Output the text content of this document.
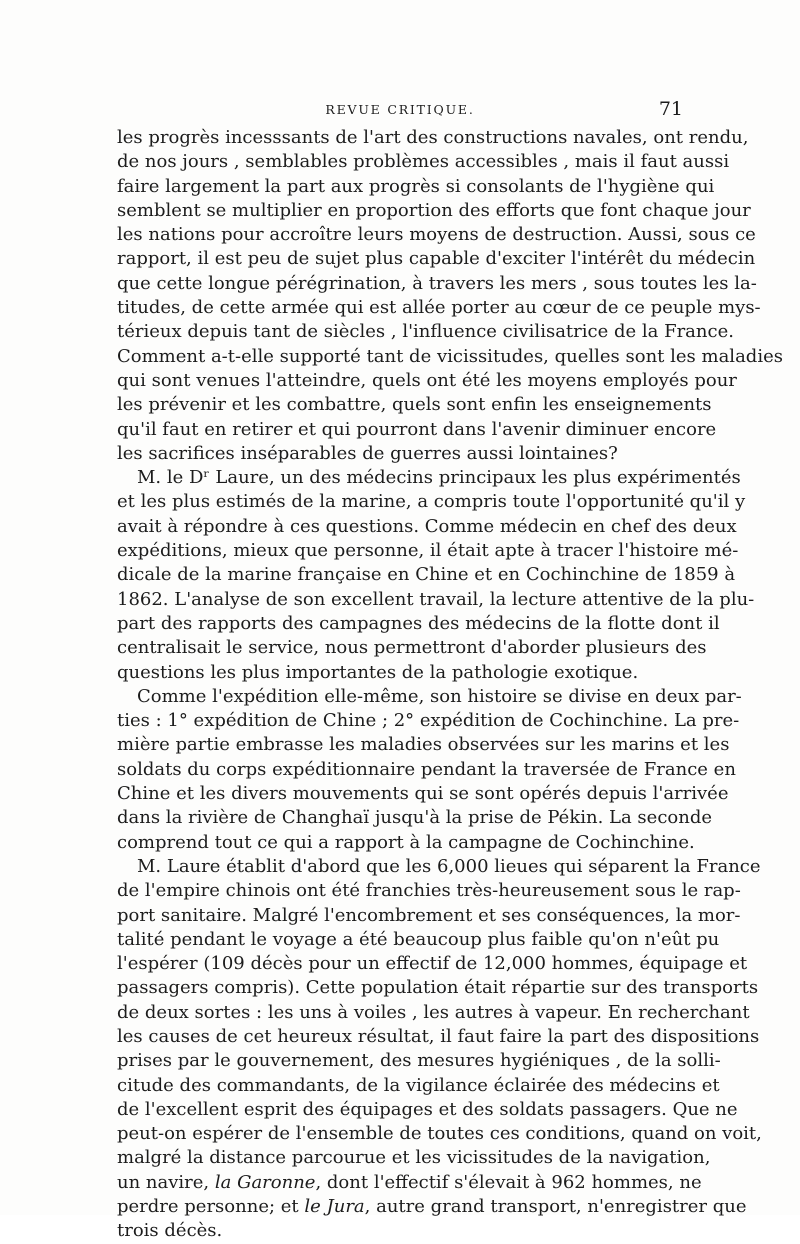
REVUE CRITIQUE.	71
les progrès incesssants de l'art des constructions navales, ont rendu,
de nos jours , semblables problèmes accessibles , mais il faut aussi
faire largement la part aux progrès si consolants de l'hygiène qui
semblent se multiplier en proportion des efforts que font chaque jour
les nations pour accroître leurs moyens de destruction. Aussi, sous ce
rapport, il est peu de sujet plus capable d'exciter l'intérêt du médecin
que cette longue pérégrination, à travers les mers , sous toutes les la-
titudes, de cette armée qui est allée porter au cœur de ce peuple mys-
térieux depuis tant de siècles , l'influence civilisatrice de la France.
Comment a-t-elle supporté tant de vicissitudes, quelles sont les maladies
qui sont venues l'atteindre, quels ont été les moyens employés pour
les prévenir et les combattre, quels sont enfin les enseignements
qu'il faut en retirer et qui pourront dans l'avenir diminuer encore
les sacrifices inséparables de guerres aussi lointaines?
M. le Dʳ Laure, un des médecins principaux les plus expérimentés
et les plus estimés de la marine, a compris toute l'opportunité qu'il y
avait à répondre à ces questions. Comme médecin en chef des deux
expéditions, mieux que personne, il était apte à tracer l'histoire mé-
dicale de la marine française en Chine et en Cochinchine de 1859 à
1862. L'analyse de son excellent travail, la lecture attentive de la plu-
part des rapports des campagnes des médecins de la flotte dont il
centralisait le service, nous permettront d'aborder plusieurs des
questions les plus importantes de la pathologie exotique.
Comme l'expédition elle-même, son histoire se divise en deux par-
ties : 1° expédition de Chine ; 2° expédition de Cochinchine. La pre-
mière partie embrasse les maladies observées sur les marins et les
soldats du corps expéditionnaire pendant la traversée de France en
Chine et les divers mouvements qui se sont opérés depuis l'arrivée
dans la rivière de Changhaï jusqu'à la prise de Pékin. La seconde
comprend tout ce qui a rapport à la campagne de Cochinchine.
M. Laure établit d'abord que les 6,000 lieues qui séparent la France
de l'empire chinois ont été franchies très-heureusement sous le rap-
port sanitaire. Malgré l'encombrement et ses conséquences, la mor-
talité pendant le voyage a été beaucoup plus faible qu'on n'eût pu
l'espérer (109 décès pour un effectif de 12,000 hommes, équipage et
passagers compris). Cette population était répartie sur des transports
de deux sortes : les uns à voiles , les autres à vapeur. En recherchant
les causes de cet heureux résultat, il faut faire la part des dispositions
prises par le gouvernement, des mesures hygiéniques , de la solli-
citude des commandants, de la vigilance éclairée des médecins et
de l'excellent esprit des équipages et des soldats passagers. Que ne
peut-on espérer de l'ensemble de toutes ces conditions, quand on voit,
malgré la distance parcourue et les vicissitudes de la navigation,
un navire, la Garonne, dont l'effectif s'élevait à 962 hommes, ne
perdre personne; et le Jura, autre grand transport, n'enregistrer que
trois décès.
